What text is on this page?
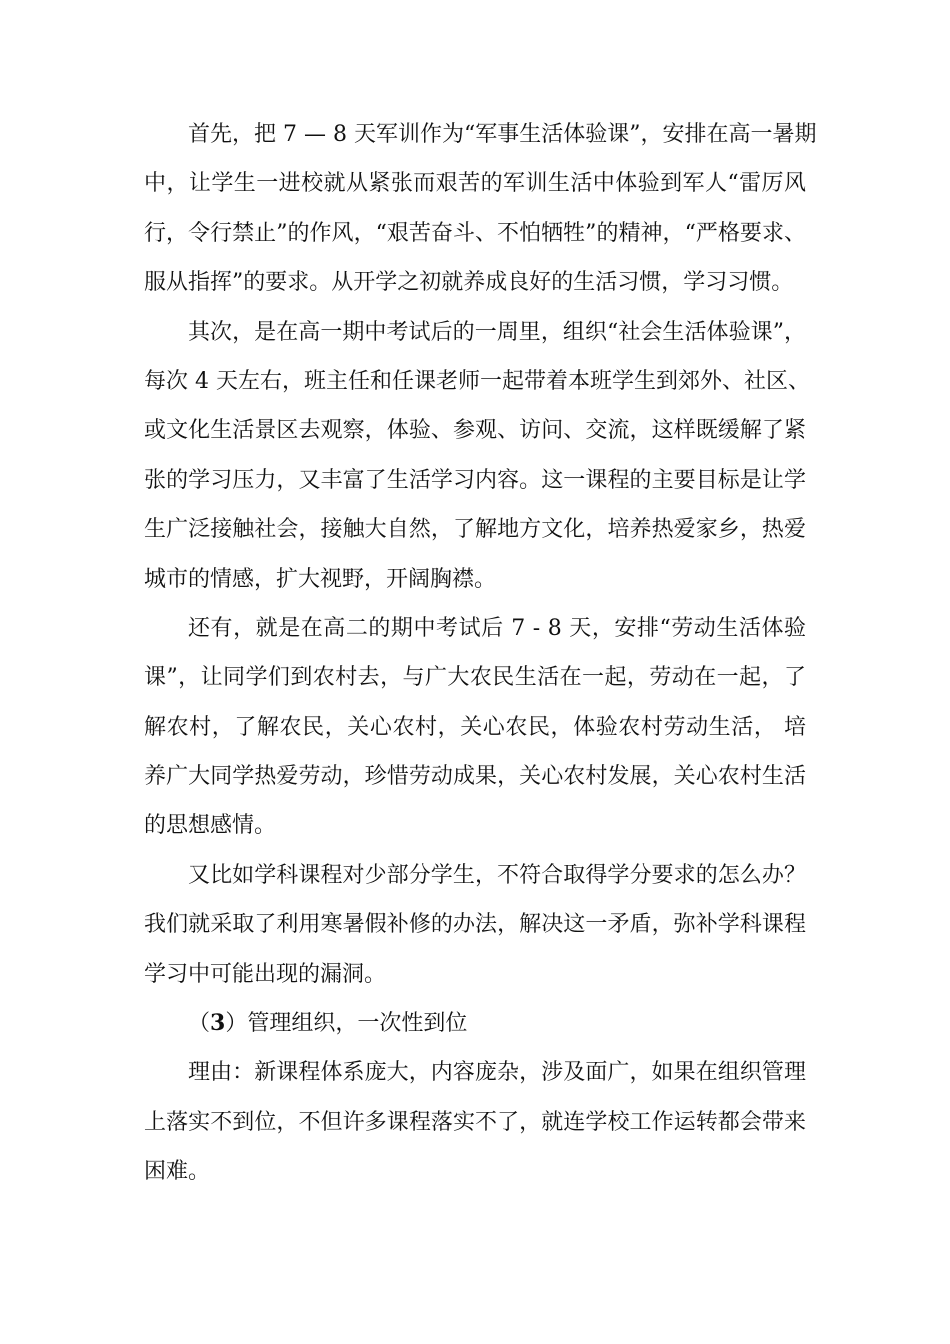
首先，把 7 — 8 天军训作为“军事生活体验课”，安排在高一暑期
中，让学生一进校就从紧张而艰苦的军训生活中体验到军人“雷厉风
行，令行禁止”的作风，“艰苦奋斗、不怕牺牲”的精神，“严格要求、
服从指挥”的要求。从开学之初就养成良好的生活习惯，学习习惯。
其次，是在高一期中考试后的一周里，组织“社会生活体验课”，
每次 4 天左右，班主任和任课老师一起带着本班学生到郊外、社区、
或文化生活景区去观察，体验、参观、访问、交流，这样既缓解了紧
张的学习压力，又丰富了生活学习内容。这一课程的主要目标是让学
生广泛接触社会，接触大自然，了解地方文化，培养热爱家乡，热爱
城市的情感，扩大视野，开阔胸襟。
还有，就是在高二的期中考试后 7 - 8 天，安排“劳动生活体验
课”，让同学们到农村去，与广大农民生活在一起，劳动在一起，了
解农村，了解农民，关心农村，关心农民，体验农村劳动生活， 培
养广大同学热爱劳动，珍惜劳动成果，关心农村发展，关心农村生活
的思想感情。
又比如学科课程对少部分学生，不符合取得学分要求的怎么办？
我们就采取了利用寒暑假补修的办法，解决这一矛盾，弥补学科课程
学习中可能出现的漏洞。
（3）管理组织，一次性到位
理由：新课程体系庞大，内容庞杂，涉及面广，如果在组织管理
上落实不到位，不但许多课程落实不了，就连学校工作运转都会带来
困难。
